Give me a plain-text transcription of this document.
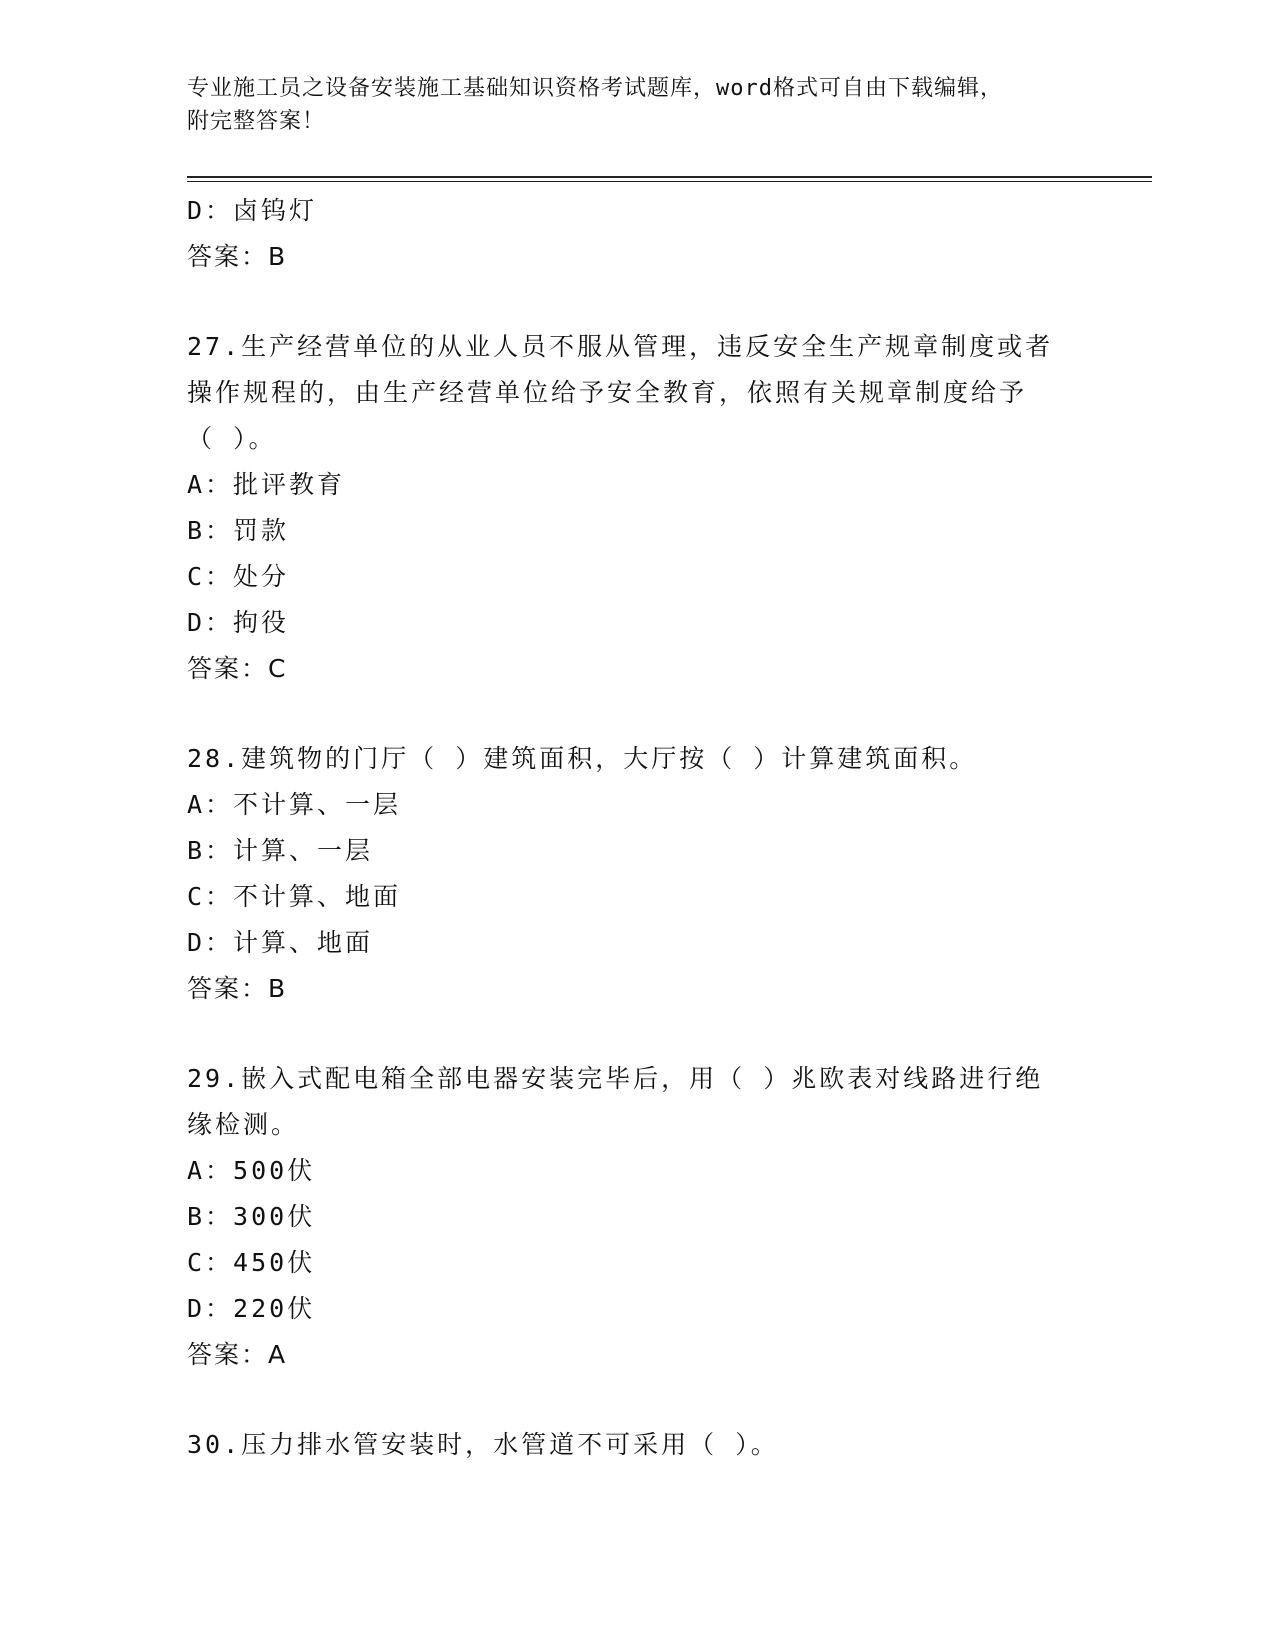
专业施工员之设备安装施工基础知识资格考试题库，word格式可自由下载编辑，
附完整答案！
D：卤钨灯
答案：B
27.生产经营单位的从业人员不服从管理，违反安全生产规章制度或者
操作规程的，由生产经营单位给予安全教育，依照有关规章制度给予
（ ）。
A：批评教育
B：罚款
C：处分
D：拘役
答案：C
28.建筑物的门厅（ ）建筑面积，大厅按（ ）计算建筑面积。
A：不计算、一层
B：计算、一层
C：不计算、地面
D：计算、地面
答案：B
29.嵌入式配电箱全部电器安装完毕后，用（ ）兆欧表对线路进行绝
缘检测。
A：500伏
B：300伏
C：450伏
D：220伏
答案：A
30.压力排水管安装时，水管道不可采用（ ）。
